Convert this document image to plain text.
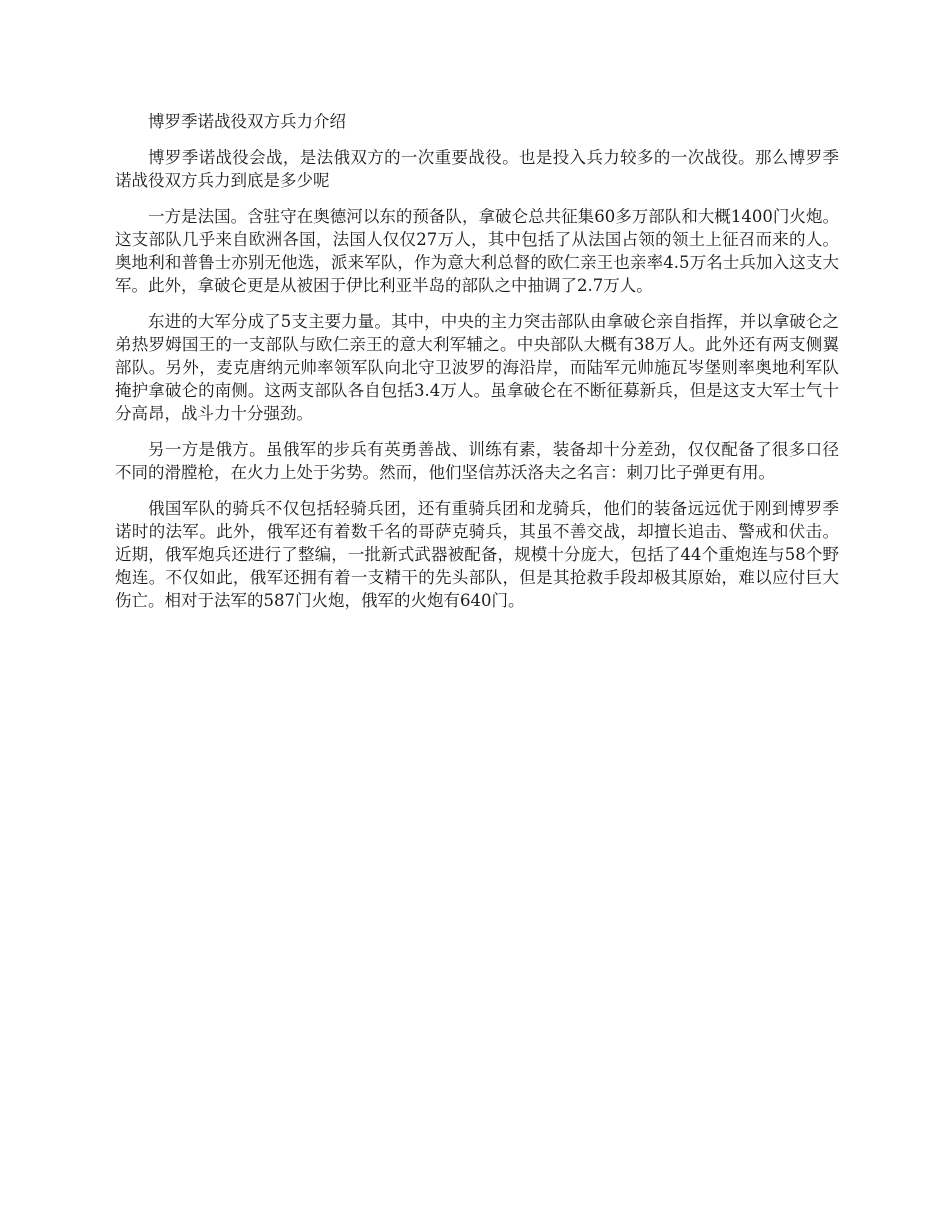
博罗季诺战役双方兵力介绍

博罗季诺战役会战，是法俄双方的一次重要战役。也是投入兵力较多的一次战役。那么博罗季诺战役双方兵力到底是多少呢

一方是法国。含驻守在奥德河以东的预备队，拿破仑总共征集60多万部队和大概1400门火炮。这支部队几乎来自欧洲各国，法国人仅仅27万人，其中包括了从法国占领的领土上征召而来的人。奥地利和普鲁士亦别无他选，派来军队，作为意大利总督的欧仁亲王也亲率4.5万名士兵加入这支大军。此外，拿破仑更是从被困于伊比利亚半岛的部队之中抽调了2.7万人。

东进的大军分成了5支主要力量。其中，中央的主力突击部队由拿破仑亲自指挥，并以拿破仑之弟热罗姆国王的一支部队与欧仁亲王的意大利军辅之。中央部队大概有38万人。此外还有两支侧翼部队。另外，麦克唐纳元帅率领军队向北守卫波罗的海沿岸，而陆军元帅施瓦岑堡则率奥地利军队掩护拿破仑的南侧。这两支部队各自包括3.4万人。虽拿破仑在不断征募新兵，但是这支大军士气十分高昂，战斗力十分强劲。

另一方是俄方。虽俄军的步兵有英勇善战、训练有素，装备却十分差劲，仅仅配备了很多口径不同的滑膛枪，在火力上处于劣势。然而，他们坚信苏沃洛夫之名言：刺刀比子弹更有用。

俄国军队的骑兵不仅包括轻骑兵团，还有重骑兵团和龙骑兵，他们的装备远远优于刚到博罗季诺时的法军。此外，俄军还有着数千名的哥萨克骑兵，其虽不善交战，却擅长追击、警戒和伏击。近期，俄军炮兵还进行了整编，一批新式武器被配备，规模十分庞大，包括了44个重炮连与58个野炮连。不仅如此，俄军还拥有着一支精干的先头部队，但是其抢救手段却极其原始，难以应付巨大伤亡。相对于法军的587门火炮，俄军的火炮有640门。
